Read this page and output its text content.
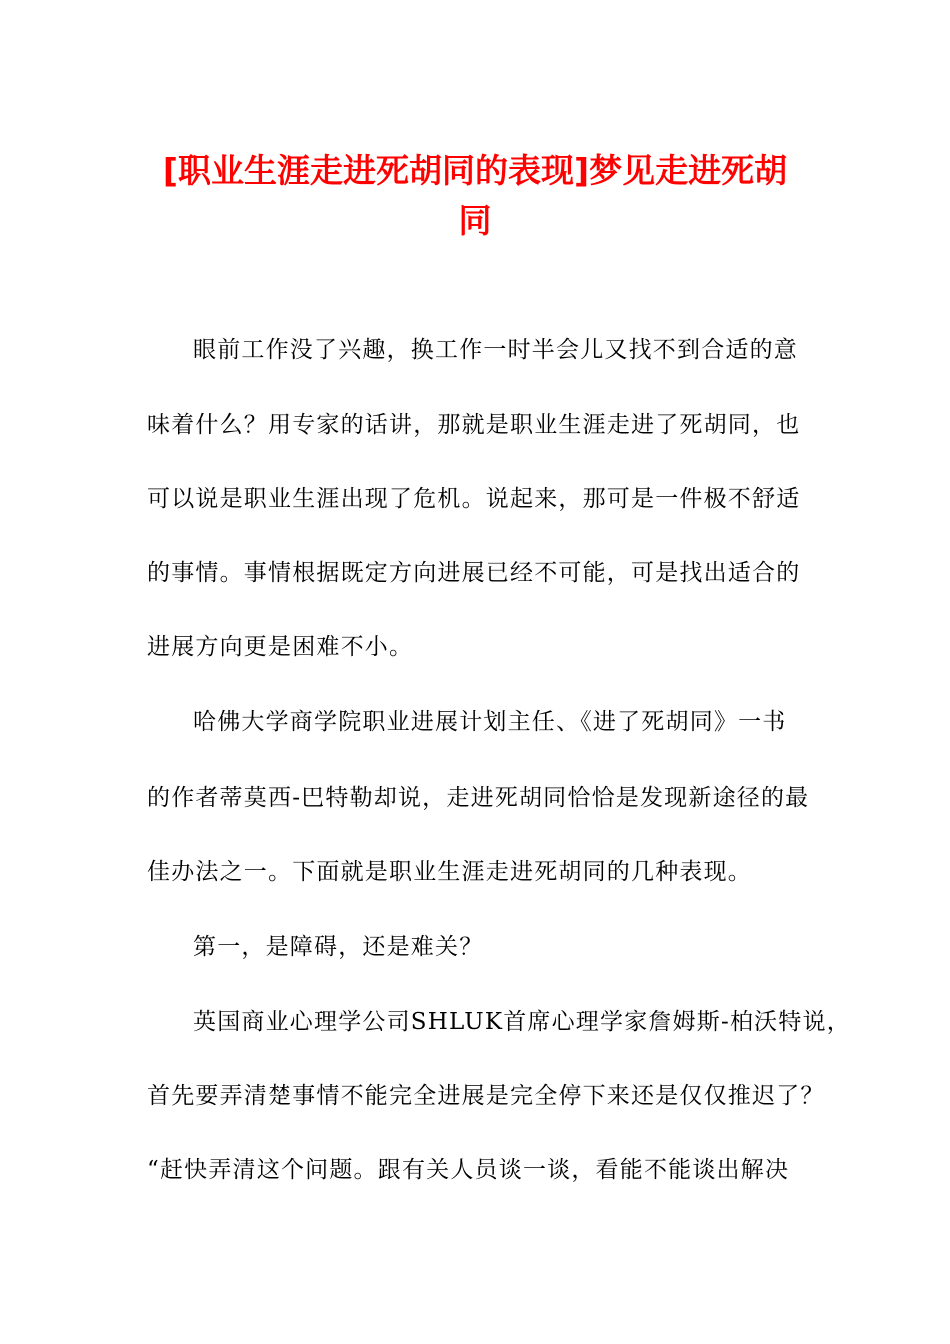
[职业生涯走进死胡同的表现]梦见走进死胡
同
眼前工作没了兴趣，换工作一时半会儿又找不到合适的意
味着什么？用专家的话讲，那就是职业生涯走进了死胡同，也
可以说是职业生涯出现了危机。说起来，那可是一件极不舒适
的事情。事情根据既定方向进展已经不可能，可是找出适合的
进展方向更是困难不小。
哈佛大学商学院职业进展计划主任、《进了死胡同》一书
的作者蒂莫西-巴特勒却说，走进死胡同恰恰是发现新途径的最
佳办法之一。下面就是职业生涯走进死胡同的几种表现。
第一，是障碍，还是难关？
英国商业心理学公司SHLUK首席心理学家詹姆斯-柏沃特说，
首先要弄清楚事情不能完全进展是完全停下来还是仅仅推迟了？
“赶快弄清这个问题。跟有关人员谈一谈，看能不能谈出解决
